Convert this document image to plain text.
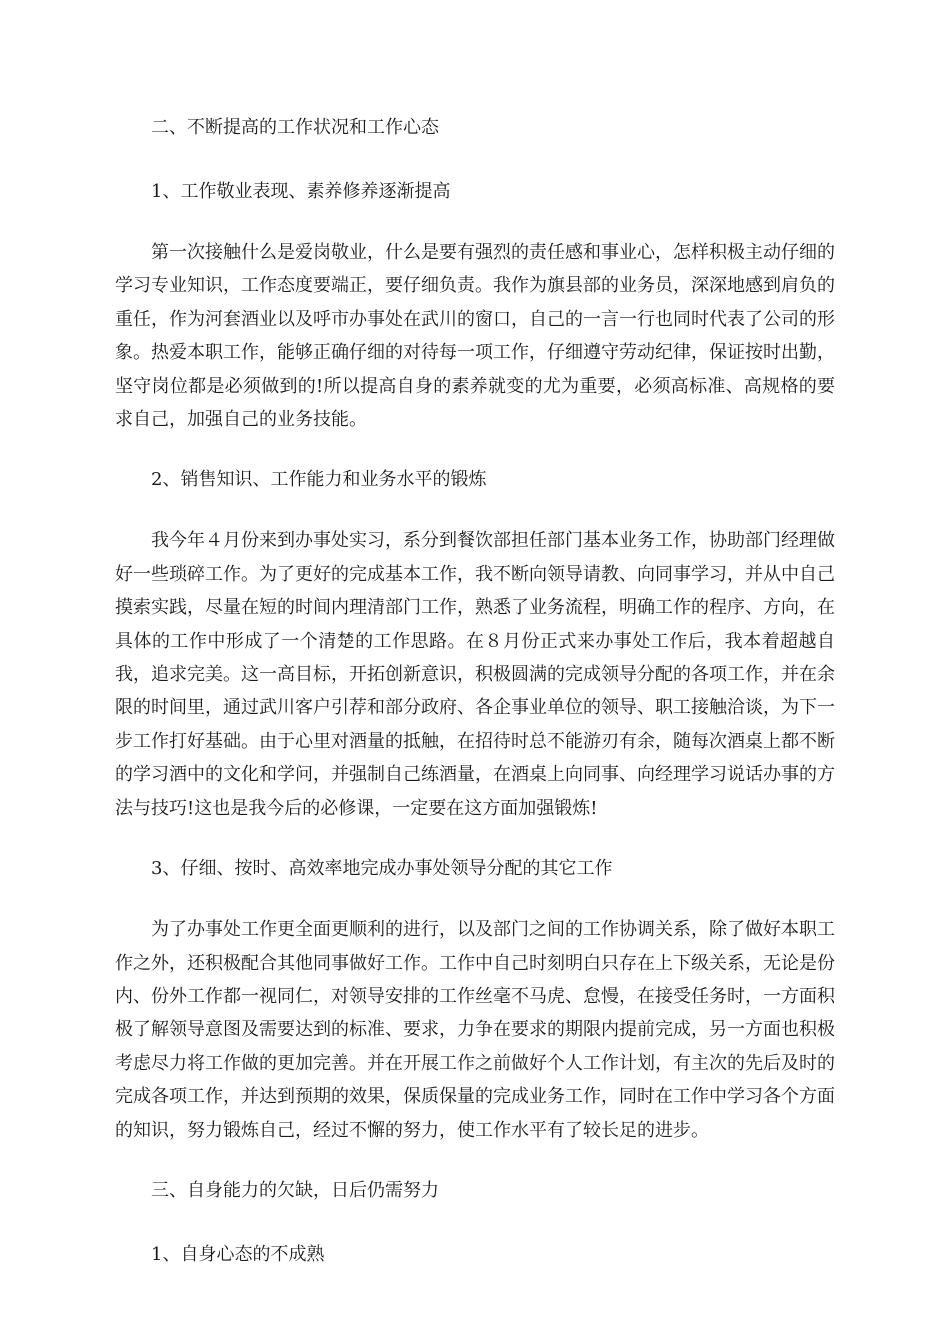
二、不断提高的工作状况和工作心态

1、工作敬业表现、素养修养逐渐提高

第一次接触什么是爱岗敬业，什么是要有强烈的责任感和事业心，怎样积极主动仔细的学习专业知识，工作态度要端正，要仔细负责。我作为旗县部的业务员，深深地感到肩负的重任，作为河套酒业以及呼市办事处在武川的窗口，自己的一言一行也同时代表了公司的形象。热爱本职工作，能够正确仔细的对待每一项工作，仔细遵守劳动纪律，保证按时出勤，坚守岗位都是必须做到的!所以提高自身的素养就变的尤为重要，必须高标准、高规格的要求自己，加强自己的业务技能。

2、销售知识、工作能力和业务水平的锻炼

我今年４月份来到办事处实习，系分到餐饮部担任部门基本业务工作，协助部门经理做好一些琐碎工作。为了更好的完成基本工作，我不断向领导请教、向同事学习，并从中自己摸索实践，尽量在短的时间内理清部门工作，熟悉了业务流程，明确工作的程序、方向，在具体的工作中形成了一个清楚的工作思路。在８月份正式来办事处工作后，我本着超越自我，追求完美。这一高目标，开拓创新意识，积极圆满的完成领导分配的各项工作，并在余限的时间里，通过武川客户引荐和部分政府、各企事业单位的领导、职工接触洽谈，为下一步工作打好基础。由于心里对酒量的抵触，在招待时总不能游刃有余，随每次酒桌上都不断的学习酒中的文化和学问，并强制自己练酒量，在酒桌上向同事、向经理学习说话办事的方法与技巧!这也是我今后的必修课，一定要在这方面加强锻炼!

3、仔细、按时、高效率地完成办事处领导分配的其它工作

为了办事处工作更全面更顺利的进行，以及部门之间的工作协调关系，除了做好本职工作之外，还积极配合其他同事做好工作。工作中自己时刻明白只存在上下级关系，无论是份内、份外工作都一视同仁，对领导安排的工作丝毫不马虎、怠慢，在接受任务时，一方面积极了解领导意图及需要达到的标准、要求，力争在要求的期限内提前完成，另一方面也积极考虑尽力将工作做的更加完善。并在开展工作之前做好个人工作计划，有主次的先后及时的完成各项工作，并达到预期的效果，保质保量的完成业务工作，同时在工作中学习各个方面的知识，努力锻炼自己，经过不懈的努力，使工作水平有了较长足的进步。

三、自身能力的欠缺，日后仍需努力

1、自身心态的不成熟
